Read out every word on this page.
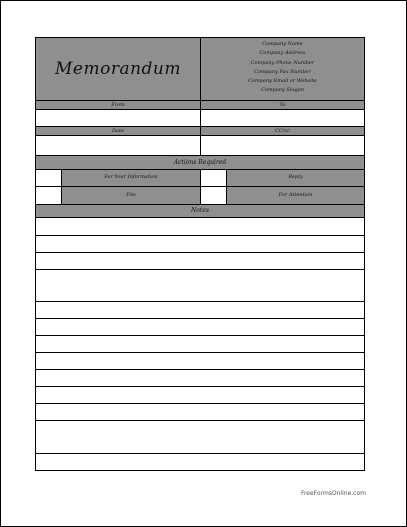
Memorandum
Company Name
Company Address
Company Phone Number
Company Fax Number
Company Email or Website
Company Slogan
From	To
Date	CC/cc
Actions Required
For Your Information	Reply
File	For Attention
Notes
FreeFormsOnline.com
